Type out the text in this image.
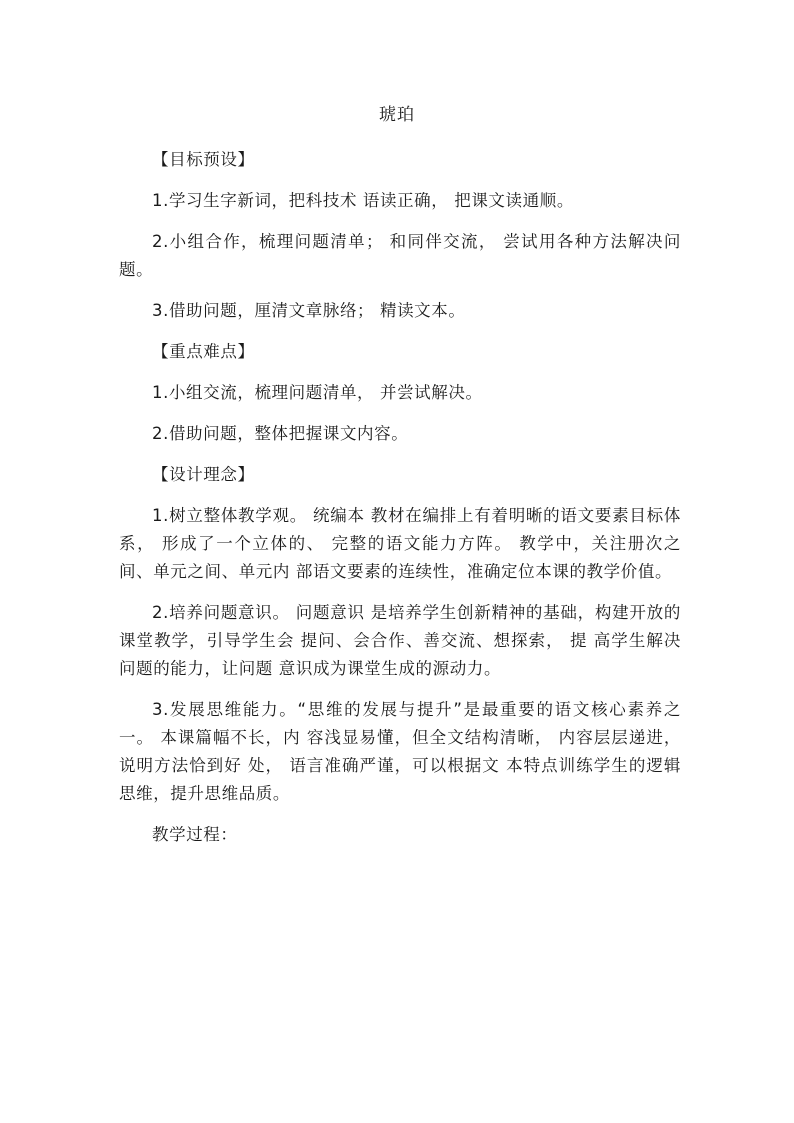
琥珀

【目标预设】

1.学习生字新词，把科技术 语读正确， 把课文读通顺。

2.小组合作，梳理问题清单； 和同伴交流， 尝试用各种方法解决问题。

3.借助问题，厘清文章脉络； 精读文本。

【重点难点】

1.小组交流，梳理问题清单， 并尝试解决。

2.借助问题，整体把握课文内容。

【设计理念】

1.树立整体教学观。 统编本 教材在编排上有着明晰的语文要素目标体系， 形成了一个立体的、 完整的语文能力方阵。 教学中，关注册次之间、单元之间、单元内 部语文要素的连续性，准确定位本课的教学价值。

2.培养问题意识。 问题意识 是培养学生创新精神的基础，构建开放的课堂教学，引导学生会 提问、会合作、善交流、想探索， 提 高学生解决问题的能力，让问题 意识成为课堂生成的源动力。

3.发展思维能力。“思维的发展与提升”是最重要的语文核心素养之一。 本课篇幅不长，内 容浅显易懂，但全文结构清晰， 内容层层递进，说明方法恰到好 处， 语言准确严谨，可以根据文 本特点训练学生的逻辑思维，提升思维品质。

教学过程：
